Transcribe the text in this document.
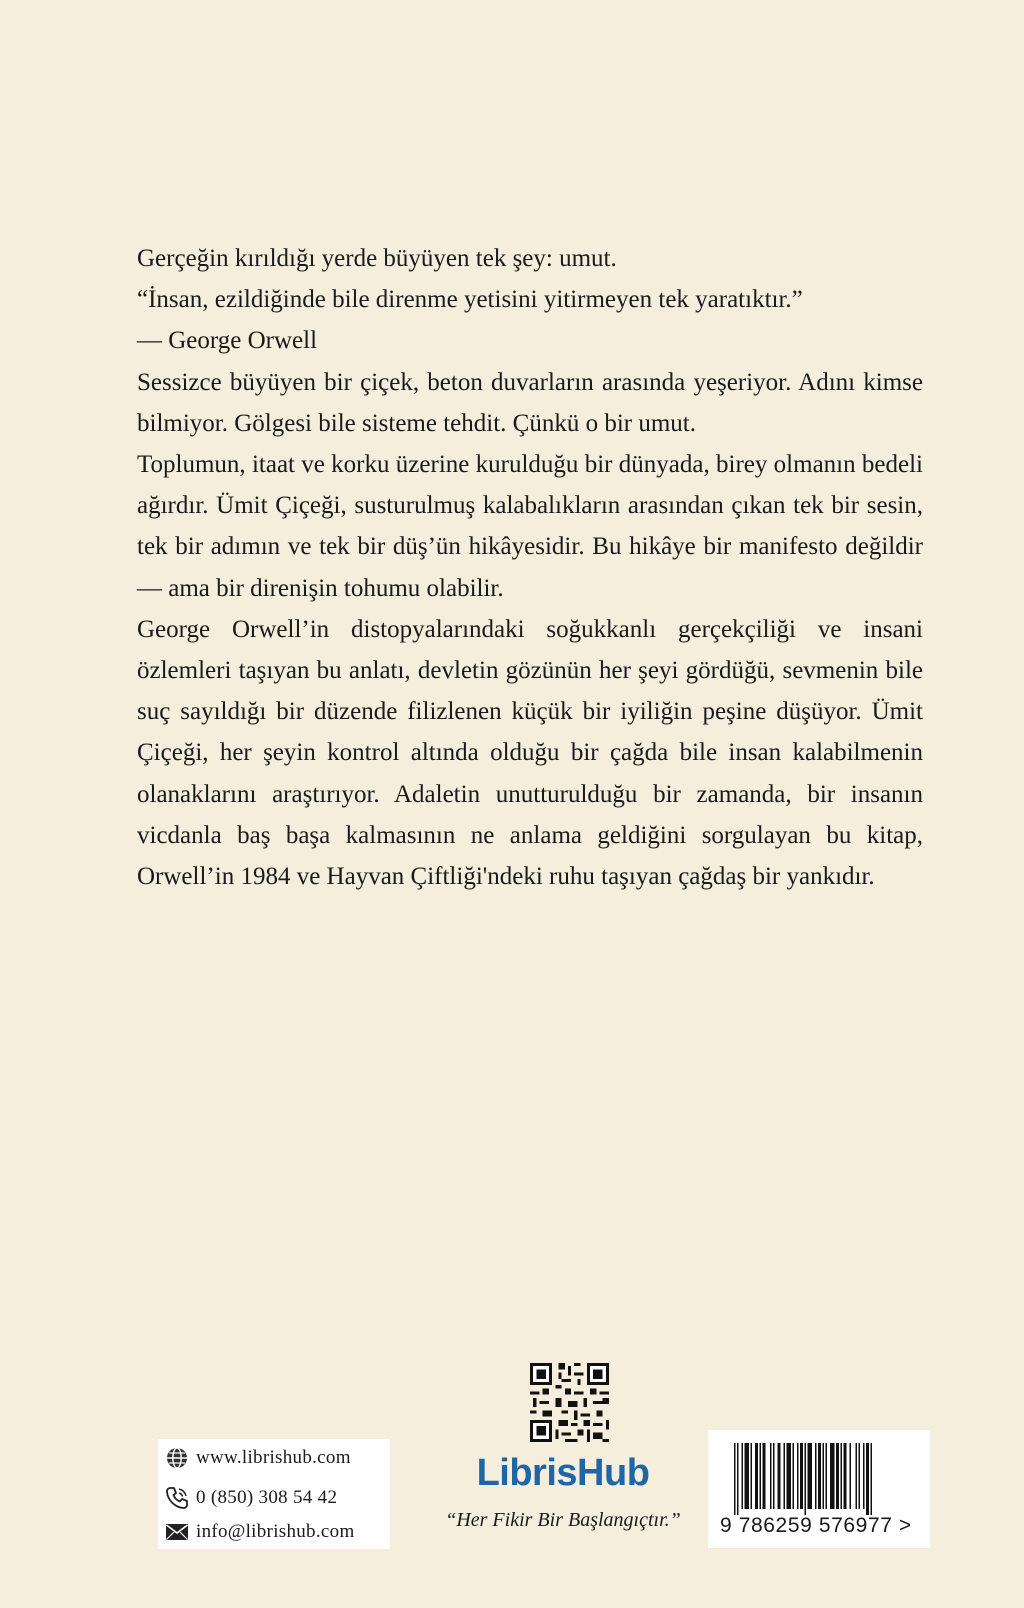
Gerçeğin kırıldığı yerde büyüyen tek şey: umut.

“İnsan, ezildiğinde bile direnme yetisini yitirmeyen tek yaratıktır.”

— George Orwell

Sessizce büyüyen bir çiçek, beton duvarların arasında yeşeriyor. Adını kimse bilmiyor. Gölgesi bile sisteme tehdit. Çünkü o bir umut.

Toplumun, itaat ve korku üzerine kurulduğu bir dünyada, birey olmanın bedeli ağırdır. Ümit Çiçeği, susturulmuş kalabalıkların arasından çıkan tek bir sesin, tek bir adımın ve tek bir düş’ün hikâyesidir. Bu hikâye bir manifesto değildir — ama bir direnişin tohumu olabilir.

George Orwell’in distopyalarındaki soğukkanlı gerçekçiliği ve insani özlemleri taşıyan bu anlatı, devletin gözünün her şeyi gördüğü, sevmenin bile suç sayıldığı bir düzende filizlenen küçük bir iyiliğin peşine düşüyor. Ümit Çiçeği, her şeyin kontrol altında olduğu bir çağda bile insan kalabilmenin olanaklarını araştırıyor. Adaletin unutturulduğu bir zamanda, bir insanın vicdanla baş başa kalmasının ne anlama geldiğini sorgulayan bu kitap, Orwell’in 1984 ve Hayvan Çiftliği'ndeki ruhu taşıyan çağdaş bir yankıdır.

www.librishub.com
0 (850) 308 54 42
info@librishub.com
LibrisHub
“Her Fikir Bir Başlangıçtır.”	9 786259 576977 >
